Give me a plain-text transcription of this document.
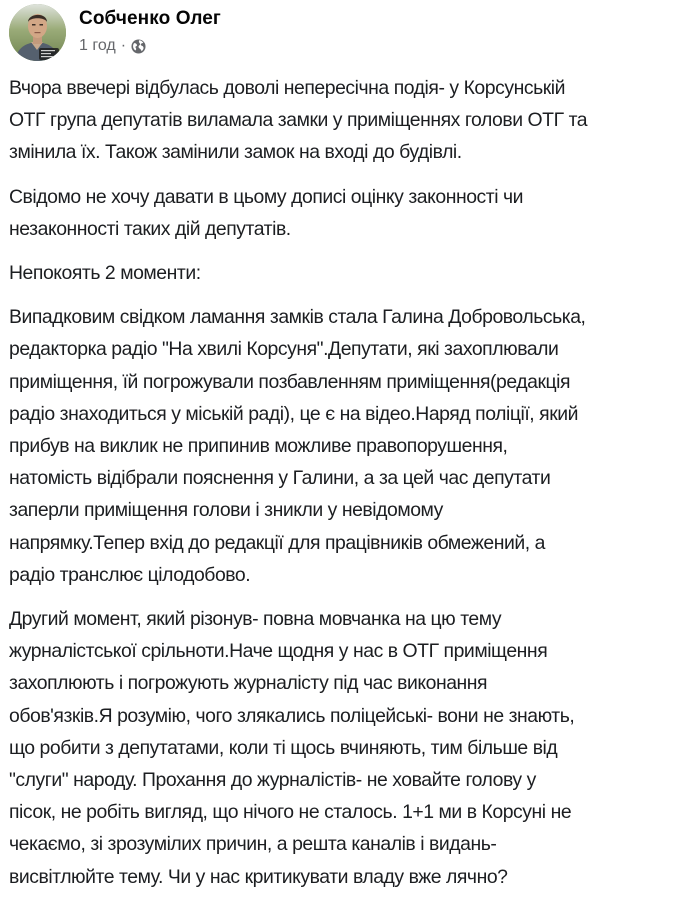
Собченко Олег
1 год ·

Вчора ввечері відбулась доволі непересічна подія- у Корсунській
ОТГ група депутатів виламала замки у приміщеннях голови ОТГ та
змінила їх. Також замінили замок на вході до будівлі.

Свідомо не хочу давати в цьому дописі оцінку законності чи
незаконності таких дій депутатів.

Непокоять 2 моменти:

Випадковим свідком ламання замків стала Галина Добровольська,
редакторка радіо "На хвилі Корсуня".Депутати, які захоплювали
приміщення, їй погрожували позбавленням приміщення(редакція
радіо знаходиться у міській раді), це є на відео.Наряд поліції, який
прибув на виклик не припинив можливе правопорушення,
натомість відібрали пояснення у Галини, а за цей час депутати
заперли приміщення голови і зникли у невідомому
напрямку.Тепер вхід до редакції для працівників обмежений, а
радіо транслює цілодобово.

Другий момент, який різонув- повна мовчанка на цю тему
журналістської срільноти.Наче щодня у нас в ОТГ приміщення
захоплюють і погрожують журналісту під час виконання
обов'язків.Я розумію, чого злякались поліцейські- вони не знають,
що робити з депутатами, коли ті щось вчиняють, тим більше від
"слуги" народу. Прохання до журналістів- не ховайте голову у
пісок, не робіть вигляд, що нічого не сталось. 1+1 ми в Корсуні не
чекаємо, зі зрозумілих причин, а решта каналів і видань-
висвітлюйте тему. Чи у нас критикувати владу вже лячно?
